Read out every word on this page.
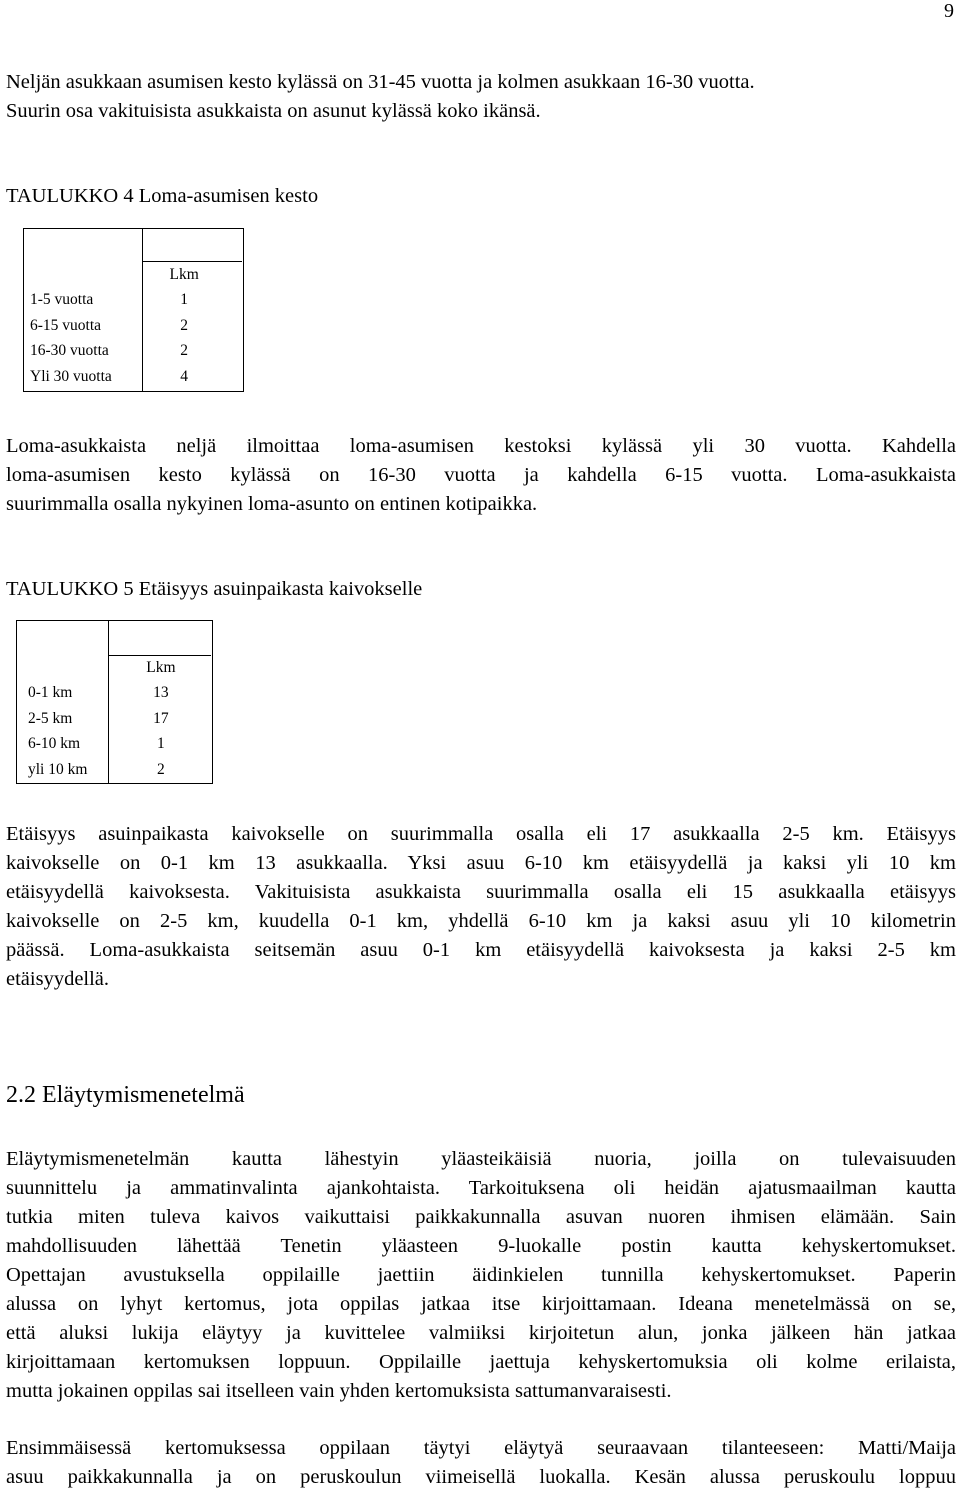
9
Neljän asukkaan asumisen kesto kylässä on 31-45 vuotta ja kolmen asukkaan 16-30 vuotta.
Suurin osa vakituisista asukkaista on asunut kylässä koko ikänsä.
TAULUKKO 4 Loma-asumisen kesto
	Lkm
1-5 vuotta	1
6-15 vuotta	2
16-30 vuotta	2
Yli 30 vuotta	4
Loma-asukkaista neljä ilmoittaa loma-asumisen kestoksi kylässä yli 30 vuotta. Kahdella
loma-asumisen kesto kylässä on 16-30 vuotta ja kahdella 6-15 vuotta. Loma-asukkaista
suurimmalla osalla nykyinen loma-asunto on entinen kotipaikka.
TAULUKKO 5 Etäisyys asuinpaikasta kaivokselle
	Lkm
0-1 km	13
2-5 km	17
6-10 km	1
yli 10 km	2
Etäisyys asuinpaikasta kaivokselle on suurimmalla osalla eli 17 asukkaalla 2-5 km. Etäisyys
kaivokselle on 0-1 km 13 asukkaalla. Yksi asuu 6-10 km etäisyydellä ja kaksi yli 10 km
etäisyydellä kaivoksesta. Vakituisista asukkaista suurimmalla osalla eli 15 asukkaalla etäisyys
kaivokselle on 2-5 km, kuudella 0-1 km, yhdellä 6-10 km ja kaksi asuu yli 10 kilometrin
päässä. Loma-asukkaista seitsemän asuu 0-1 km etäisyydellä kaivoksesta ja kaksi 2-5 km
etäisyydellä.
2.2 Eläytymismenetelmä
Eläytymismenetelmän kautta lähestyin yläasteikäisiä nuoria, joilla on tulevaisuuden
suunnittelu ja ammatinvalinta ajankohtaista. Tarkoituksena oli heidän ajatusmaailman kautta
tutkia miten tuleva kaivos vaikuttaisi paikkakunnalla asuvan nuoren ihmisen elämään. Sain
mahdollisuuden lähettää Tenetin yläasteen 9-luokalle postin kautta kehyskertomukset.
Opettajan avustuksella oppilaille jaettiin äidinkielen tunnilla kehyskertomukset. Paperin
alussa on lyhyt kertomus, jota oppilas jatkaa itse kirjoittamaan. Ideana menetelmässä on se,
että aluksi lukija eläytyy ja kuvittelee valmiiksi kirjoitetun alun, jonka jälkeen hän jatkaa
kirjoittamaan kertomuksen loppuun. Oppilaille jaettuja kehyskertomuksia oli kolme erilaista,
mutta jokainen oppilas sai itselleen vain yhden kertomuksista sattumanvaraisesti.
Ensimmäisessä kertomuksessa oppilaan täytyi eläytyä seuraavaan tilanteeseen: Matti/Maija
asuu paikkakunnalla ja on peruskoulun viimeisellä luokalla. Kesän alussa peruskoulu loppuu
